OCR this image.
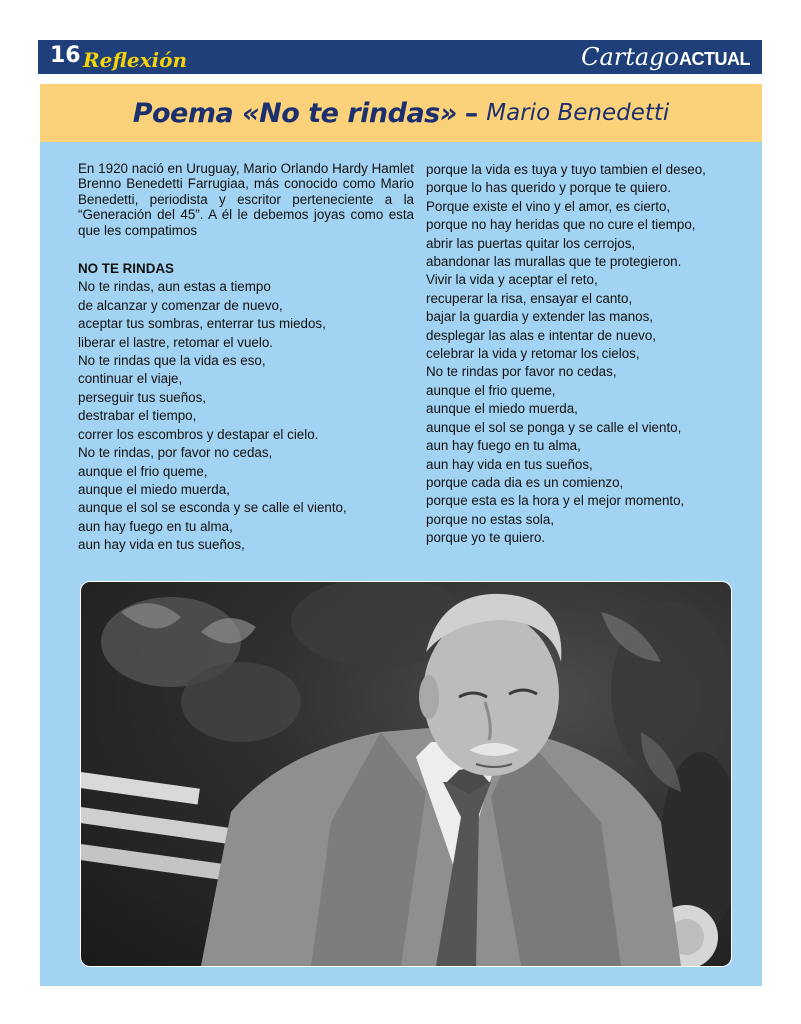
16 Reflexión	CartagoACTUAL
Poema «No te rindas» – Mario Benedetti

En 1920 nació en Uruguay, Mario Orlando Hardy Hamlet Brenno Benedetti Farrugiaa, más conocido como Mario Benedetti, periodista y escritor perteneciente a la “Generación del 45”. A él le debemos joyas como esta que les compatimos

NO TE RINDAS

No te rindas, aun estas a tiempo
de alcanzar y comenzar de nuevo,
aceptar tus sombras, enterrar tus miedos,
liberar el lastre, retomar el vuelo.
No te rindas que la vida es eso,
continuar el viaje,
perseguir tus sueños,
destrabar el tiempo,
correr los escombros y destapar el cielo.
No te rindas, por favor no cedas,
aunque el frio queme,
aunque el miedo muerda,
aunque el sol se esconda y se calle el viento,
aun hay fuego en tu alma,
aun hay vida en tus sueños,
porque la vida es tuya y tuyo tambien el deseo,
porque lo has querido y porque te quiero.
Porque existe el vino y el amor, es cierto,
porque no hay heridas que no cure el tiempo,
abrir las puertas quitar los cerrojos,
abandonar las murallas que te protegieron.
Vivir la vida y aceptar el reto,
recuperar la risa, ensayar el canto,
bajar la guardia y extender las manos,
desplegar las alas e intentar de nuevo,
celebrar la vida y retomar los cielos,
No te rindas por favor no cedas,
aunque el frio queme,
aunque el miedo muerda,
aunque el sol se ponga y se calle el viento,
aun hay fuego en tu alma,
aun hay vida en tus sueños,
porque cada dia es un comienzo,
porque esta es la hora y el mejor momento,
porque no estas sola,
porque yo te quiero.
